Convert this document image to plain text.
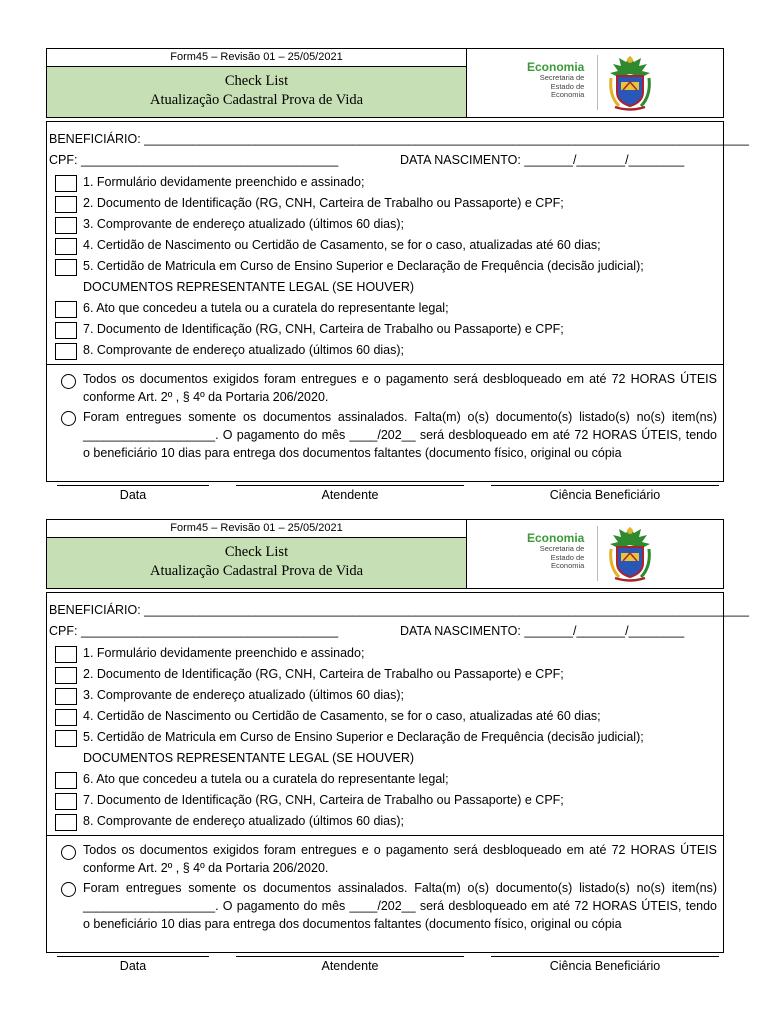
Form45 – Revisão 01 – 25/05/2021
Check List
Atualização Cadastral Prova de Vida
Economia
Secretaria de
Estado de
Economia
BENEFICIÁRIO: _______________________________________________________________________________________
CPF: _____________________________________	DATA NASCIMENTO: _______/_______/________
1. Formulário devidamente preenchido e assinado;
2. Documento de Identificação (RG, CNH, Carteira de Trabalho ou Passaporte) e CPF;
3. Comprovante de endereço atualizado (últimos 60 dias);
4. Certidão de Nascimento ou Certidão de Casamento, se for o caso, atualizadas até 60 dias;
5. Certidão de Matricula em Curso de Ensino Superior e Declaração de Frequência (decisão judicial);
DOCUMENTOS REPRESENTANTE LEGAL (SE HOUVER)
6. Ato que concedeu a tutela ou a curatela do representante legal;
7. Documento de Identificação (RG, CNH, Carteira de Trabalho ou Passaporte) e CPF;
8. Comprovante de endereço atualizado (últimos 60 dias);
Todos os documentos exigidos foram entregues e o pagamento será desbloqueado em até 72 HORAS ÚTEIS conforme Art. 2º , § 4º da Portaria 206/2020.
Foram entregues somente os documentos assinalados. Falta(m) o(s) documento(s) listado(s) no(s) item(ns) ___________________. O pagamento do mês ____/202__ será desbloqueado em até 72 HORAS ÚTEIS, tendo o beneficiário 10 dias para entrega dos documentos faltantes (documento físico, original ou cópia
Data	Atendente	Ciência Beneficiário
Form45 – Revisão 01 – 25/05/2021
Check List
Atualização Cadastral Prova de Vida
Economia
Secretaria de
Estado de
Economia
BENEFICIÁRIO: _______________________________________________________________________________________
CPF: _____________________________________	DATA NASCIMENTO: _______/_______/________
1. Formulário devidamente preenchido e assinado;
2. Documento de Identificação (RG, CNH, Carteira de Trabalho ou Passaporte) e CPF;
3. Comprovante de endereço atualizado (últimos 60 dias);
4. Certidão de Nascimento ou Certidão de Casamento, se for o caso, atualizadas até 60 dias;
5. Certidão de Matricula em Curso de Ensino Superior e Declaração de Frequência (decisão judicial);
DOCUMENTOS REPRESENTANTE LEGAL (SE HOUVER)
6. Ato que concedeu a tutela ou a curatela do representante legal;
7. Documento de Identificação (RG, CNH, Carteira de Trabalho ou Passaporte) e CPF;
8. Comprovante de endereço atualizado (últimos 60 dias);
Todos os documentos exigidos foram entregues e o pagamento será desbloqueado em até 72 HORAS ÚTEIS conforme Art. 2º , § 4º da Portaria 206/2020.
Foram entregues somente os documentos assinalados. Falta(m) o(s) documento(s) listado(s) no(s) item(ns) ___________________. O pagamento do mês ____/202__ será desbloqueado em até 72 HORAS ÚTEIS, tendo o beneficiário 10 dias para entrega dos documentos faltantes (documento físico, original ou cópia
Data	Atendente	Ciência Beneficiário
